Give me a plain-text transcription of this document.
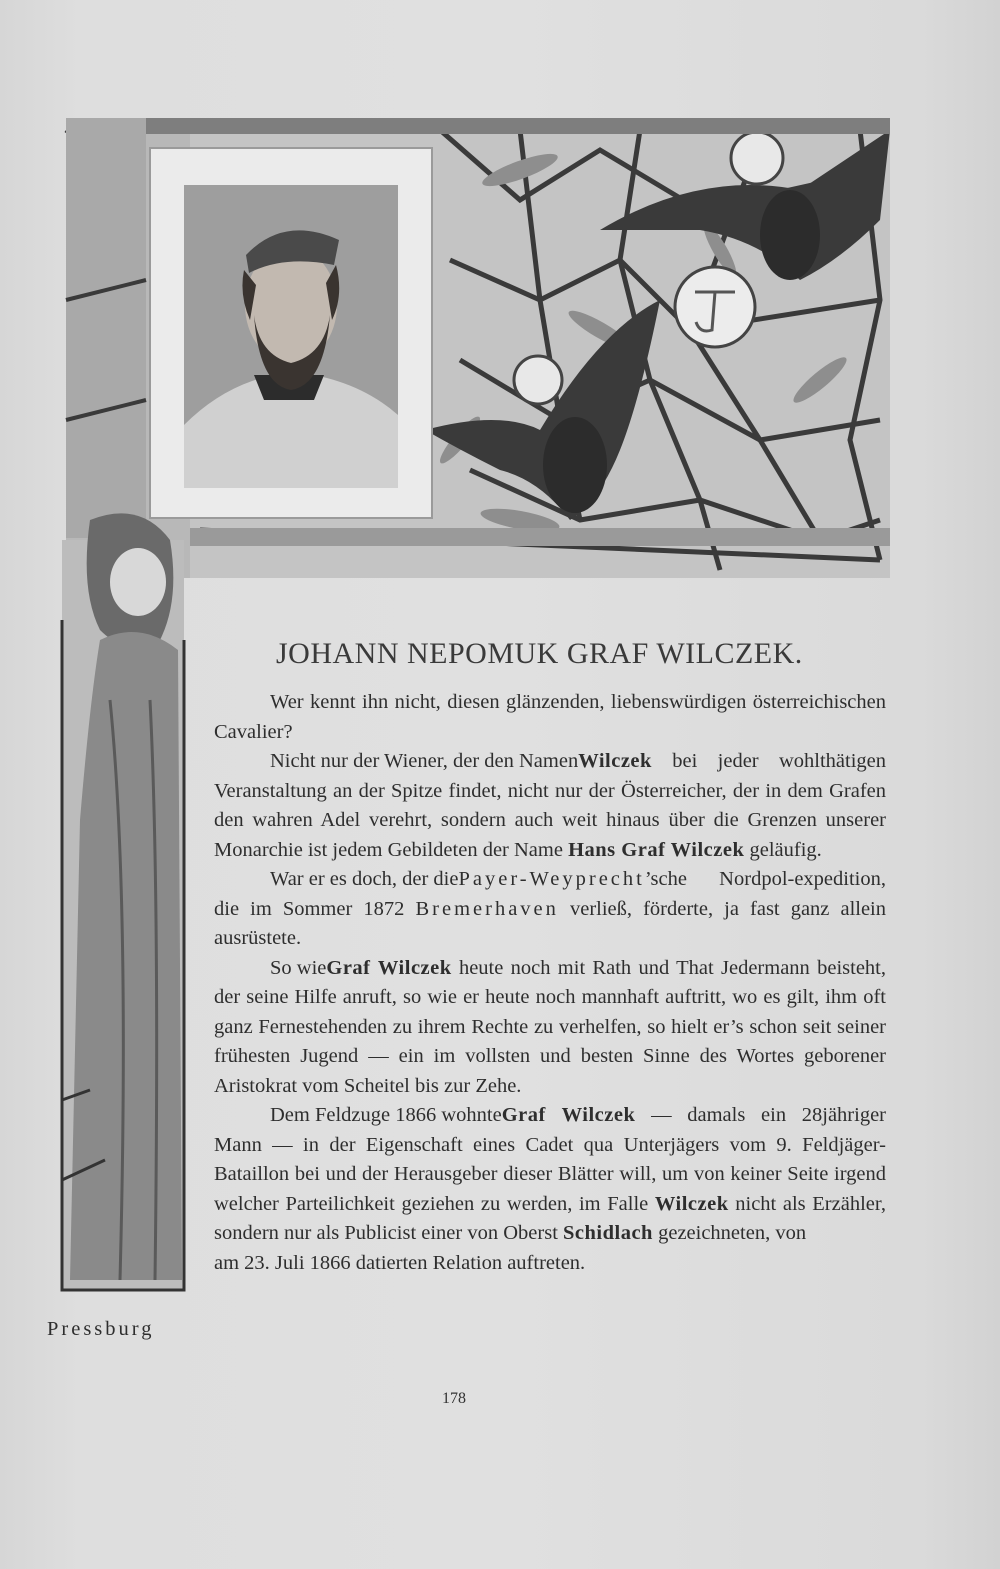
JOHANN NEPOMUK GRAF WILCZEK.

Wer kennt ihn nicht, diesen glänzenden, liebenswürdigen österreichischen Cavalier?

Nicht nur der Wiener, der den NamenWilczek bei jeder wohlthätigen Veranstaltung an der Spitze findet, nicht nur der Österreicher, der in dem Grafen den wahren Adel verehrt, sondern auch weit hinaus über die Grenzen unserer Monarchie ist jedem Gebildeten der Name Hans Graf Wilczek geläufig.

War er es doch, der diePayer-Weyprecht’sche Nordpol-expedition, die im Sommer 1872 Bremerhaven verließ, förderte, ja fast ganz allein ausrüstete.

So wieGraf Wilczek heute noch mit Rath und That Jedermann beisteht, der seine Hilfe anruft, so wie er heute noch mannhaft auftritt, wo es gilt, ihm oft ganz Fernestehenden zu ihrem Rechte zu verhelfen, so hielt er’s schon seit seiner frühesten Jugend — ein im vollsten und besten Sinne des Wortes geborener Aristokrat vom Scheitel bis zur Zehe.

Dem Feldzuge 1866 wohnteGraf Wilczek — damals ein 28jähriger Mann — in der Eigenschaft eines Cadet qua Unterjägers vom 9. Feldjäger-Bataillon bei und der Herausgeber dieser Blätter will, um von keiner Seite irgend welcher Parteilichkeit geziehen zu werden, im Falle Wilczek nicht als Erzähler, sondern nur als Publicist einer von Oberst Schidlach gezeichneten, von

am 23. Juli 1866 datierten Relation auftreten.

Pressburg
178
